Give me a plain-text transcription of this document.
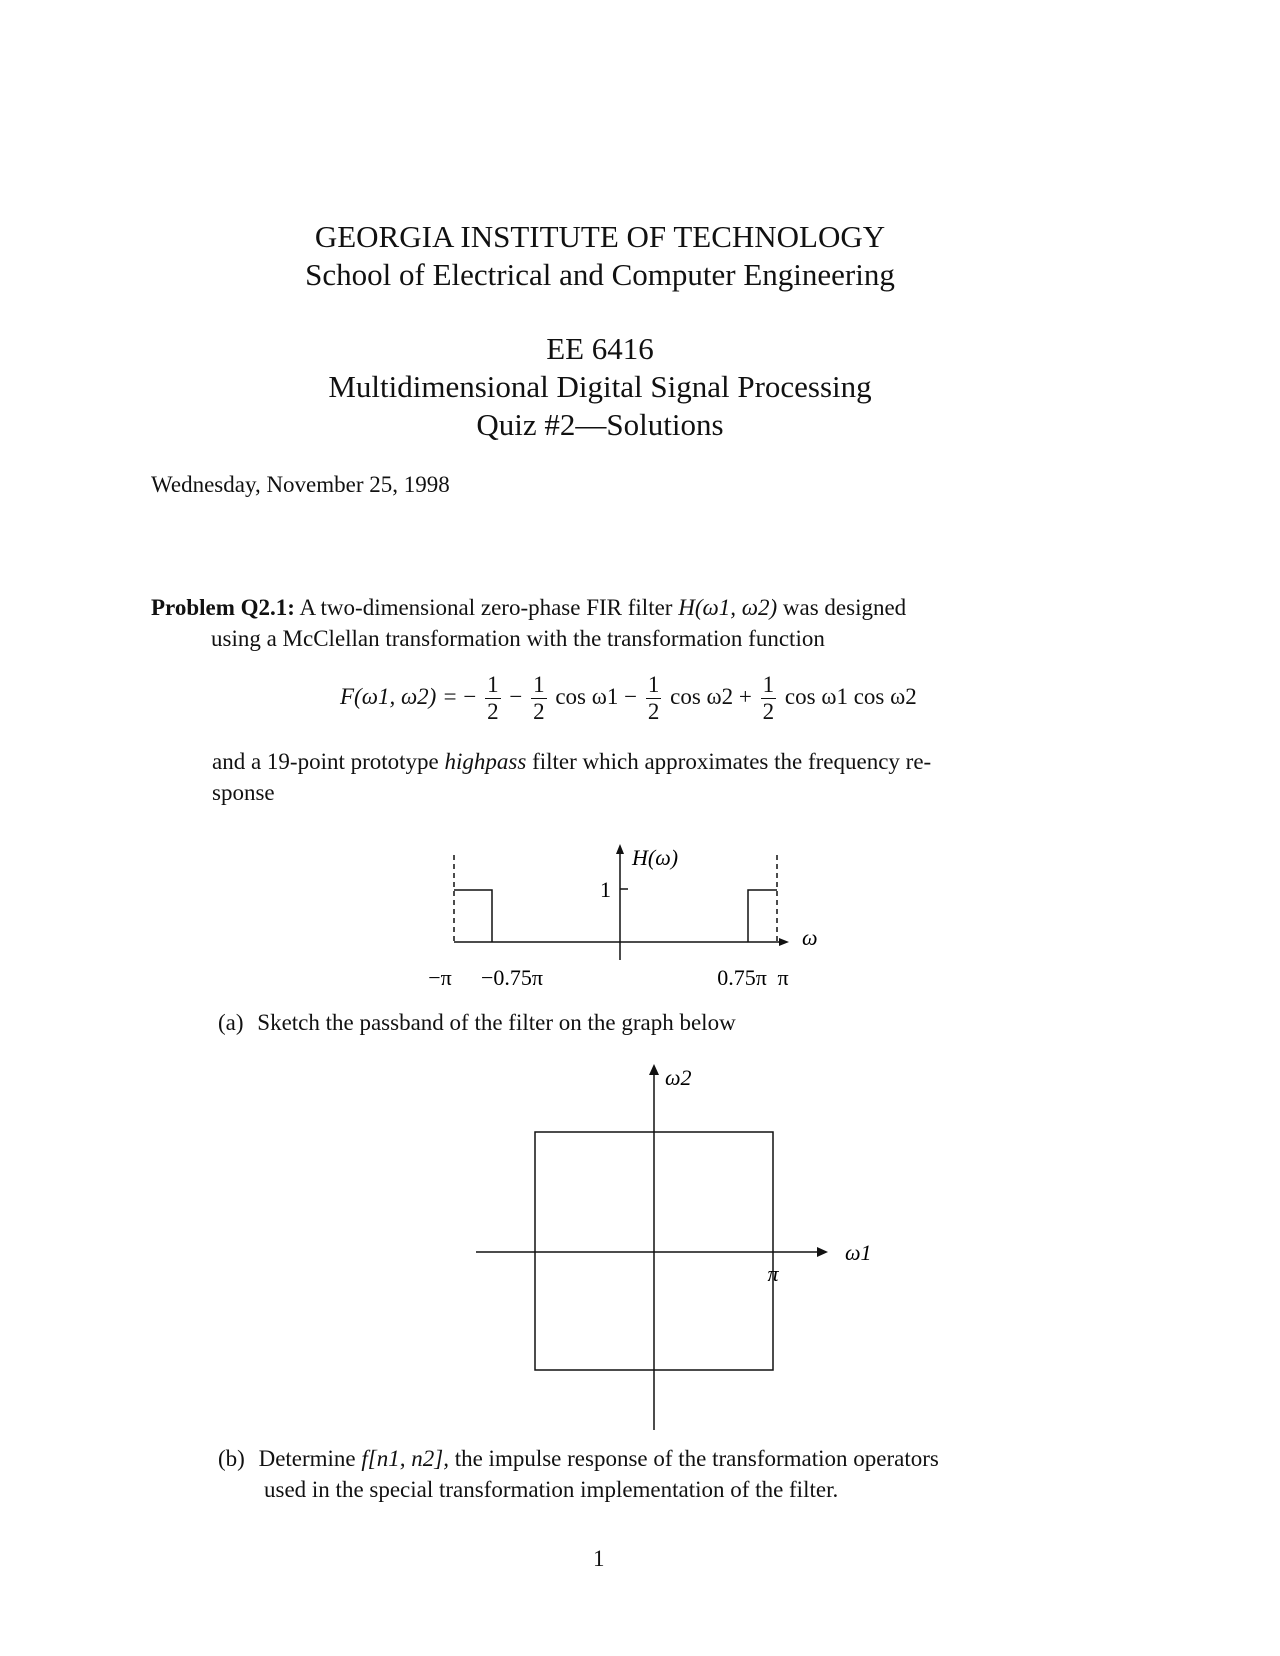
GEORGIA INSTITUTE OF TECHNOLOGY
School of Electrical and Computer Engineering
EE 6416
Multidimensional Digital Signal Processing
Quiz #2—Solutions
Wednesday, November 25, 1998
Problem Q2.1: A two-dimensional zero-phase FIR filter H(ω1, ω2) was designed
using a McClellan transformation with the transformation function
F(ω1, ω2) = − $\frac{1}{2} - \frac{1}{2}$ $\cos \omega 1 - \frac{1}{2}$ $\cos \omega 2 + \frac{1}{2}$ cos ω1 cos ω2
and a 19-point prototype highpass filter which approximates the frequency re-
sponse
1
H(ω)
ω
−π −0.75π	0.75π π
(a) Sketch the passband of the filter on the graph below
ω2
ω1
π
(b) Determine f[n1, n2], the impulse response of the transformation operators
used in the special transformation implementation of the filter.
1
